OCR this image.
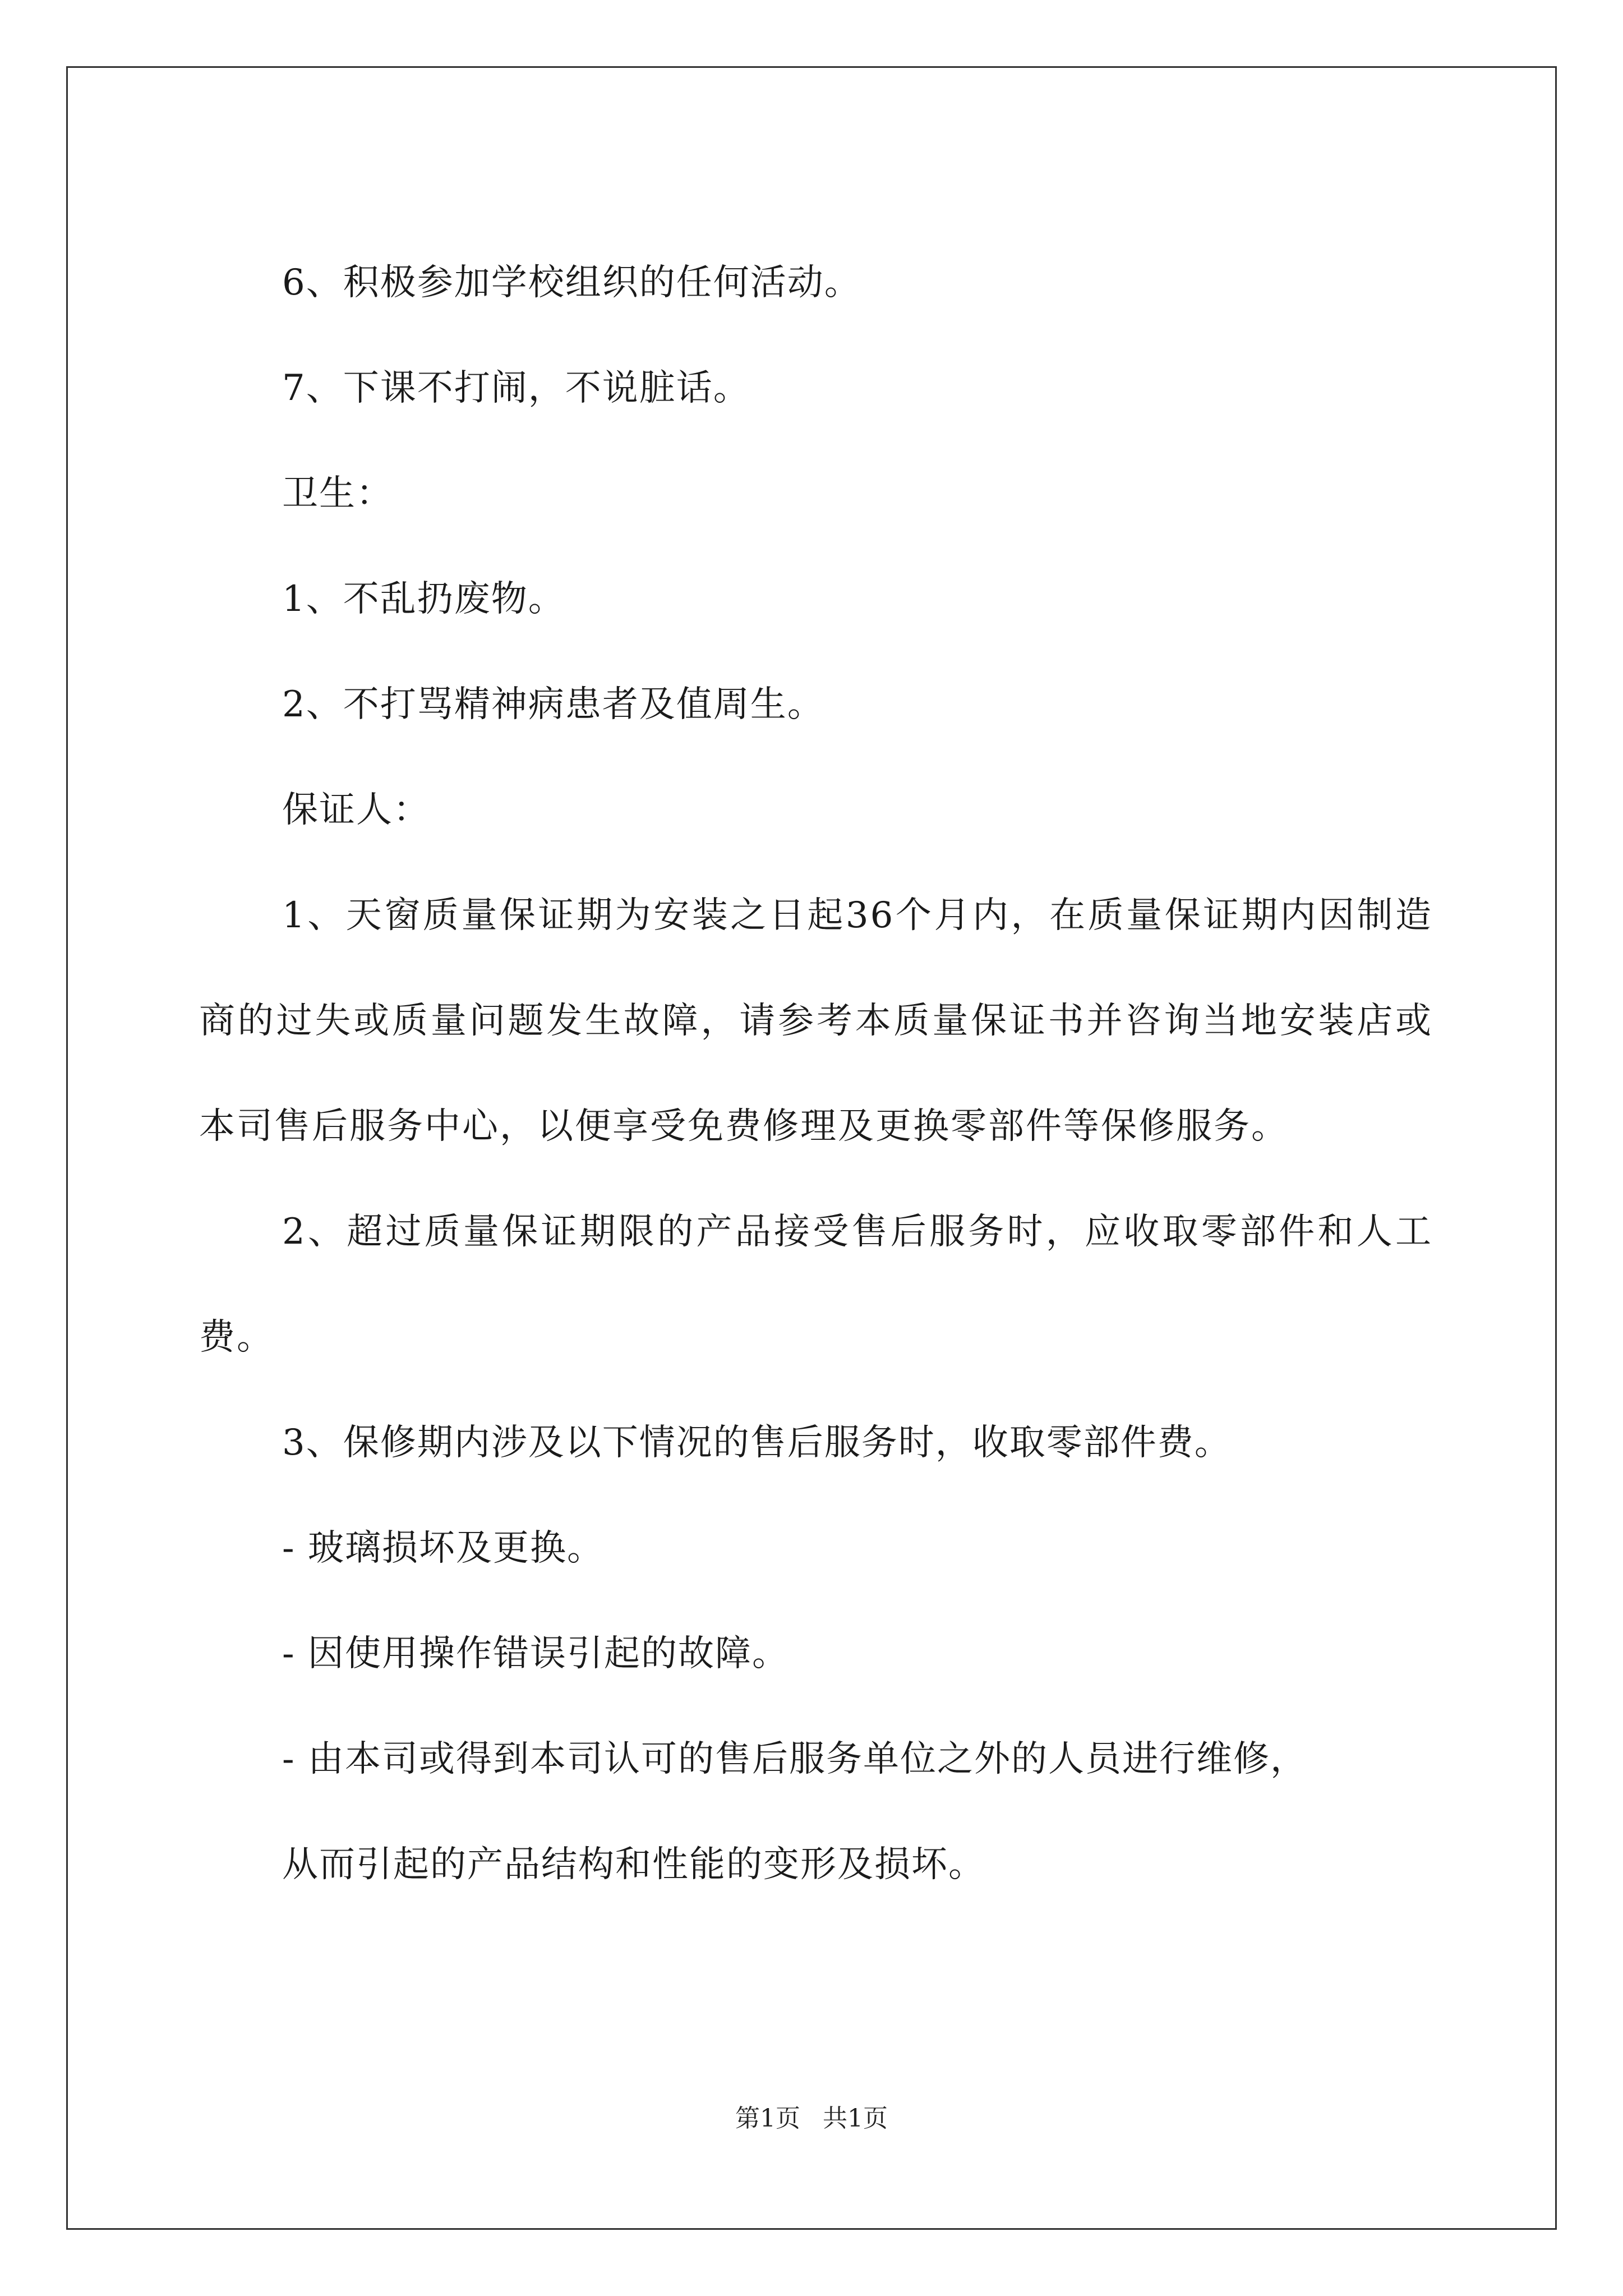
6、积极参加学校组织的任何活动。

7、下课不打闹，不说脏话。

卫生：

1、不乱扔废物。

2、不打骂精神病患者及值周生。

保证人：

1、天窗质量保证期为安装之日起36个月内，在质量保证期内因制造商的过失或质量问题发生故障，请参考本质量保证书并咨询当地安装店或本司售后服务中心，以便享受免费修理及更换零部件等保修服务。

2、超过质量保证期限的产品接受售后服务时，应收取零部件和人工费。

3、保修期内涉及以下情况的售后服务时，收取零部件费。

- 玻璃损坏及更换。

- 因使用操作错误引起的故障。

- 由本司或得到本司认可的售后服务单位之外的人员进行维修，

从而引起的产品结构和性能的变形及损坏。

第1页 共1页
